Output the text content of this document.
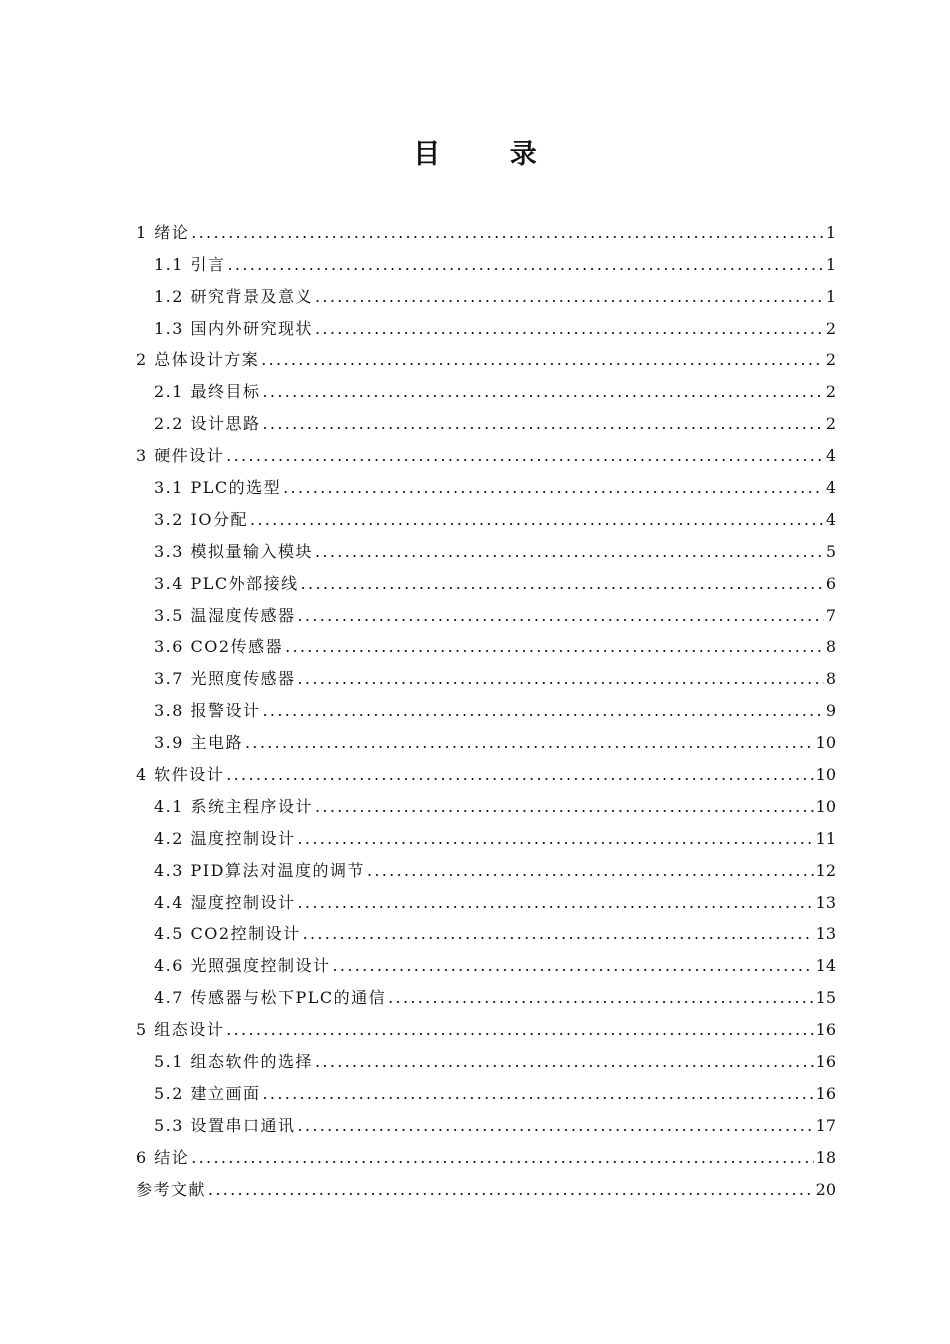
目 录
1 绪论 .....	1
1.1 引言 .....	1
1.2 研究背景及意义 .....	1
1.3 国内外研究现状 .....	2
2 总体设计方案 .....	2
2.1 最终目标 .....	2
2.2 设计思路 .....	2
3 硬件设计 .....	4
3.1 PLC的选型 .....	4
3.2 IO分配 .....	4
3.3 模拟量输入模块 .....	5
3.4 PLC外部接线 .....	6
3.5 温湿度传感器 .....	7
3.6 CO2传感器 .....	8
3.7 光照度传感器 .....	8
3.8 报警设计 .....	9
3.9 主电路 .....	10
4 软件设计 .....	10
4.1 系统主程序设计 .....	10
4.2 温度控制设计 .....	11
4.3 PID算法对温度的调节 .....	12
4.4 湿度控制设计 .....	13
4.5 CO2控制设计 .....	13
4.6 光照强度控制设计 .....	14
4.7 传感器与松下PLC的通信 .....	15
5 组态设计 .....	16
5.1 组态软件的选择 .....	16
5.2 建立画面 .....	16
5.3 设置串口通讯 .....	17
6 结论 .....	18
参考文献 .....	20
